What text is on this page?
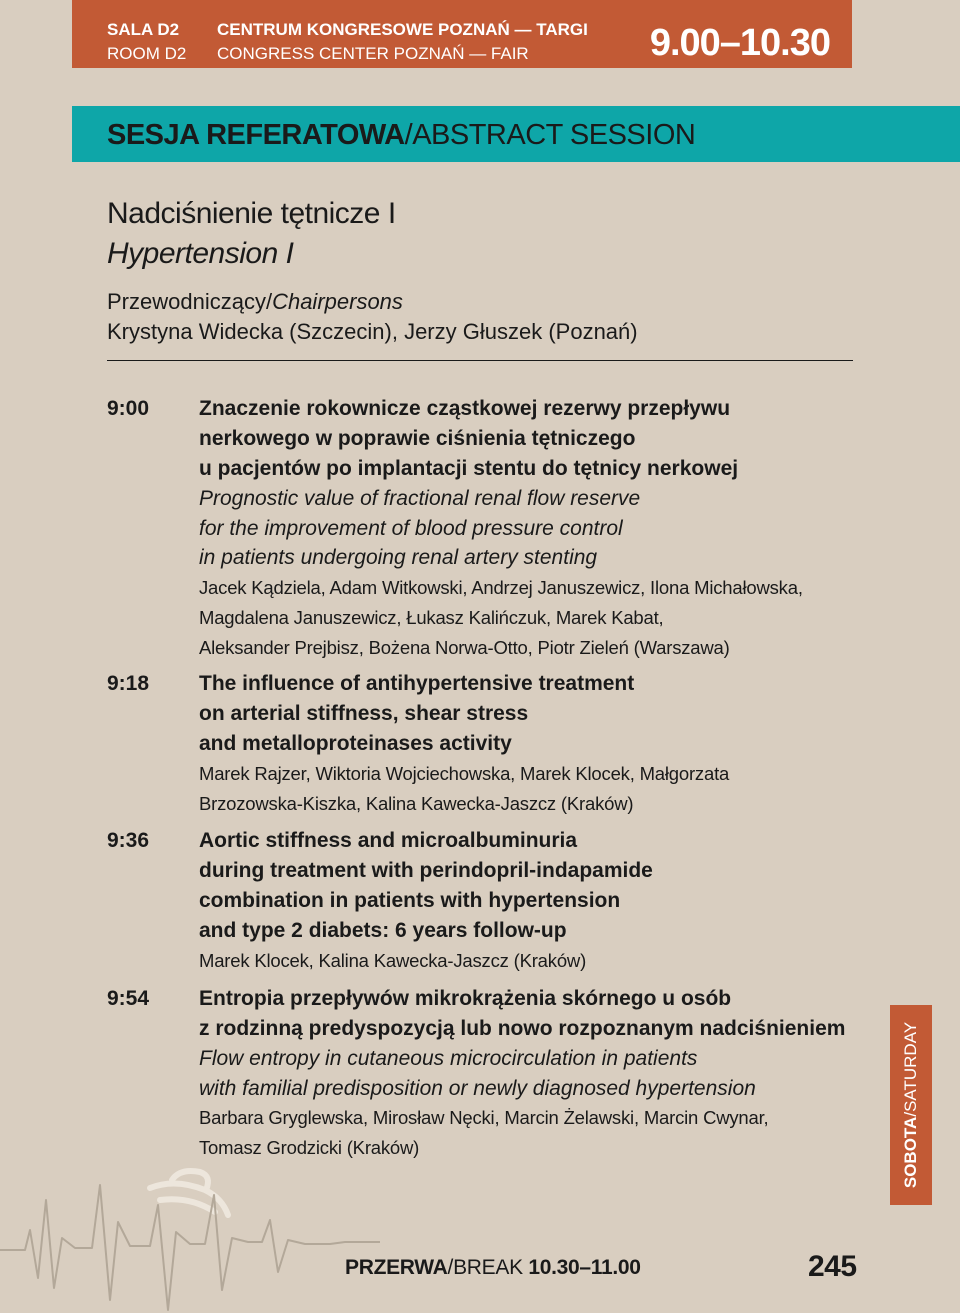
SALA D2
ROOM D2
CENTRUM KONGRESOWE POZNAŃ — TARGI
CONGRESS CENTER POZNAŃ — FAIR	9.00–10.30
SESJA REFERATOWA/ABSTRACT SESSION
Nadciśnienie tętnicze I
Hypertension I
Przewodniczący/Chairpersons
Krystyna Widecka (Szczecin), Jerzy Głuszek (Poznań)
9:00	Znaczenie rokownicze cząstkowej rezerwy przepływu
nerkowego w poprawie ciśnienia tętniczego
u pacjentów po implantacji stentu do tętnicy nerkowej
Prognostic value of fractional renal flow reserve
for the improvement of blood pressure control
in patients undergoing renal artery stenting
Jacek Kądziela, Adam Witkowski, Andrzej Januszewicz, Ilona Michałowska,
Magdalena Januszewicz, Łukasz Kalińczuk, Marek Kabat,
Aleksander Prejbisz, Bożena Norwa-Otto, Piotr Zieleń (Warszawa)
9:18	The influence of antihypertensive treatment
on arterial stiffness, shear stress
and metalloproteinases activity
Marek Rajzer, Wiktoria Wojciechowska, Marek Klocek, Małgorzata
Brzozowska-Kiszka, Kalina Kawecka-Jaszcz (Kraków)
9:36	Aortic stiffness and microalbuminuria
during treatment with perindopril-indapamide
combination in patients with hypertension
and type 2 diabets: 6 years follow-up
Marek Klocek, Kalina Kawecka-Jaszcz (Kraków)
9:54	Entropia przepływów mikrokrążenia skórnego u osób
z rodzinną predyspozycją lub nowo rozpoznanym nadciśnieniem
Flow entropy in cutaneous microcirculation in patients
with familial predisposition or newly diagnosed hypertension
Barbara Gryglewska, Mirosław Nęcki, Marcin Żelawski, Marcin Cwynar,
Tomasz Grodzicki (Kraków)	SOBOTA/SATURDAY
PRZERWA/BREAK 10.30–11.00	245
